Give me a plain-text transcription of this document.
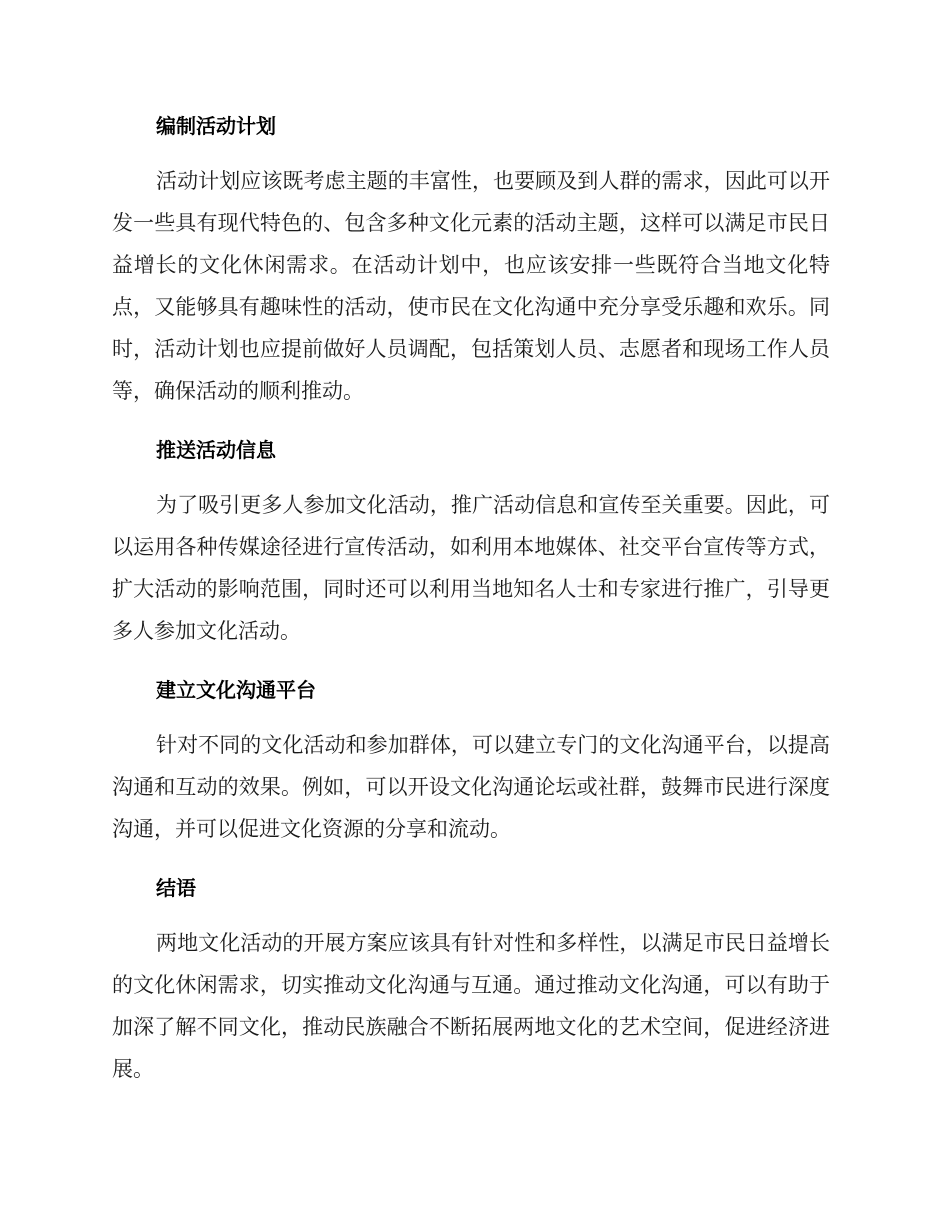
编制活动计划

活动计划应该既考虑主题的丰富性，也要顾及到人群的需求，因此可以开发一些具有现代特色的、包含多种文化元素的活动主题，这样可以满足市民日益增长的文化休闲需求。在活动计划中，也应该安排一些既符合当地文化特点，又能够具有趣味性的活动，使市民在文化沟通中充分享受乐趣和欢乐。同时，活动计划也应提前做好人员调配，包括策划人员、志愿者和现场工作人员等，确保活动的顺利推动。

推送活动信息

为了吸引更多人参加文化活动，推广活动信息和宣传至关重要。因此，可以运用各种传媒途径进行宣传活动，如利用本地媒体、社交平台宣传等方式，扩大活动的影响范围，同时还可以利用当地知名人士和专家进行推广，引导更多人参加文化活动。

建立文化沟通平台

针对不同的文化活动和参加群体，可以建立专门的文化沟通平台，以提高沟通和互动的效果。例如，可以开设文化沟通论坛或社群，鼓舞市民进行深度沟通，并可以促进文化资源的分享和流动。

结语

两地文化活动的开展方案应该具有针对性和多样性，以满足市民日益增长的文化休闲需求，切实推动文化沟通与互通。通过推动文化沟通，可以有助于加深了解不同文化，推动民族融合不断拓展两地文化的艺术空间，促进经济进展。
